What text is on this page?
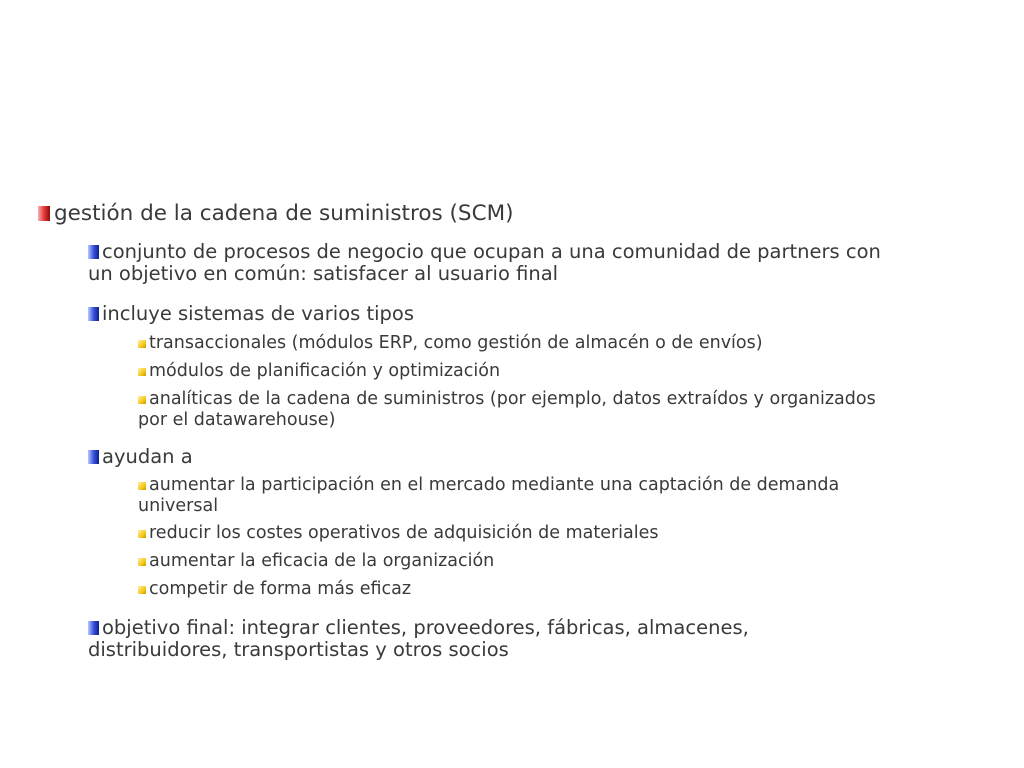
gestión de la cadena de suministros (SCM)
conjunto de procesos de negocio que ocupan a una comunidad de partners con un objetivo en común: satisfacer al usuario final
incluye sistemas de varios tipos
transaccionales (módulos ERP, como gestión de almacén o de envíos)
módulos de planificación y optimización
analíticas de la cadena de suministros (por ejemplo, datos extraídos y organizados por el datawarehouse)
ayudan a
aumentar la participación en el mercado mediante una captación de demanda universal
reducir los costes operativos de adquisición de materiales
aumentar la eficacia de la organización
competir de forma más eficaz
objetivo final: integrar clientes, proveedores, fábricas, almacenes, distribuidores, transportistas y otros socios
